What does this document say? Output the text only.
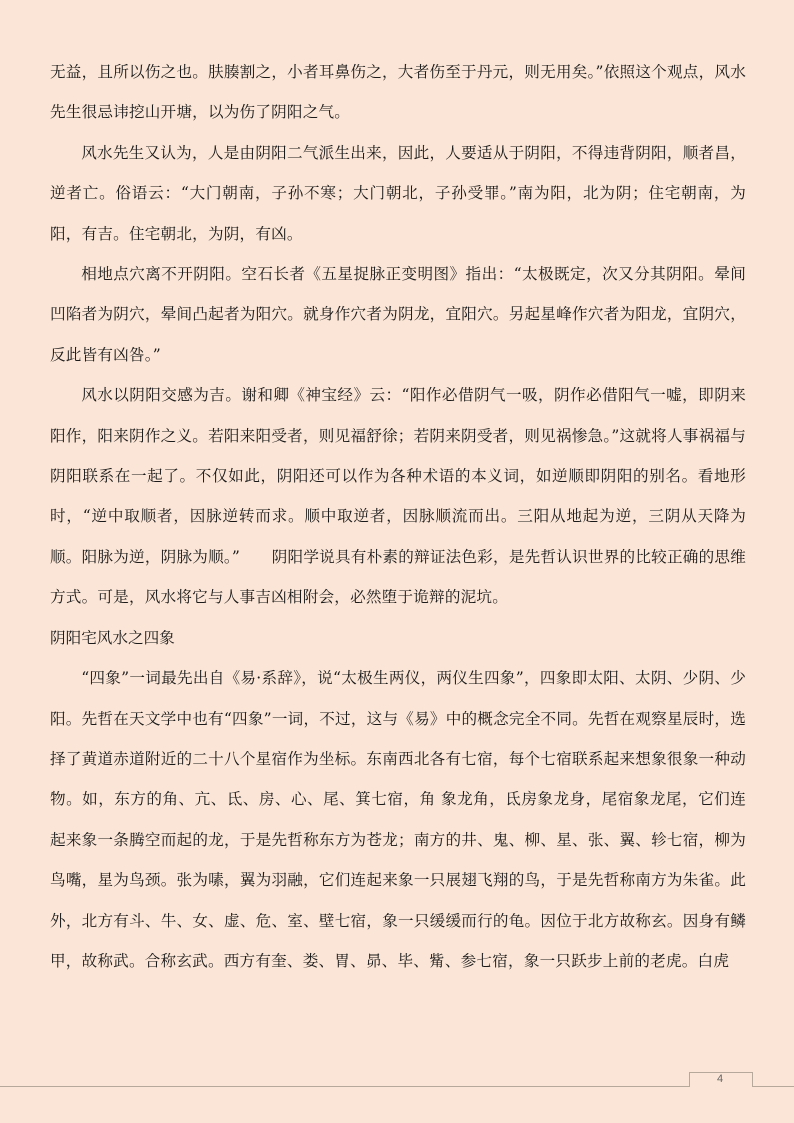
无益，且所以伤之也。肤腠割之，小者耳鼻伤之，大者伤至于丹元，则无用矣。”依照这个观点，风水先生很忌讳挖山开塘，以为伤了阴阳之气。

风水先生又认为，人是由阴阳二气派生出来，因此，人要适从于阴阳，不得违背阴阳，顺者昌，逆者亡。俗语云：“大门朝南，子孙不寒；大门朝北，子孙受罪。”南为阳，北为阴；住宅朝南，为阳，有吉。住宅朝北，为阴，有凶。

相地点穴离不开阴阳。空石长者《五星捉脉正变明图》指出：“太极既定，次又分其阴阳。晕间凹陷者为阴穴，晕间凸起者为阳穴。就身作穴者为阴龙，宜阳穴。另起星峰作穴者为阳龙，宜阴穴，反此皆有凶咎。”

风水以阴阳交感为吉。谢和卿《神宝经》云：“阳作必借阴气一吸，阴作必借阳气一嘘，即阴来阳作，阳来阴作之义。若阳来阳受者，则见福舒徐；若阴来阴受者，则见祸惨急。”这就将人事祸福与阴阳联系在一起了。不仅如此，阴阳还可以作为各种术语的本义词，如逆顺即阴阳的别名。看地形时，“逆中取顺者，因脉逆转而求。顺中取逆者，因脉顺流而出。三阳从地起为逆，三阴从天降为顺。阳脉为逆，阴脉为顺。”　　阴阳学说具有朴素的辩证法色彩，是先哲认识世界的比较正确的思维方式。可是，风水将它与人事吉凶相附会，必然堕于诡辩的泥坑。

阴阳宅风水之四象

“四象”一词最先出自《易·系辞》，说“太极生两仪，两仪生四象”，四象即太阳、太阴、少阴、少阳。先哲在天文学中也有“四象”一词，不过，这与《易》中的概念完全不同。先哲在观察星辰时，选择了黄道赤道附近的二十八个星宿作为坐标。东南西北各有七宿，每个七宿联系起来想象很象一种动物。如，东方的角、亢、氐、房、心、尾、箕七宿，角 象龙角，氐房象龙身，尾宿象龙尾，它们连起来象一条腾空而起的龙，于是先哲称东方为苍龙；南方的井、鬼、柳、星、张、翼、轸七宿，柳为鸟嘴，星为鸟颈。张为嗉，翼为羽融，它们连起来象一只展翅飞翔的鸟，于是先哲称南方为朱雀。此外，北方有斗、牛、女、虚、危、室、壁七宿，象一只缓缓而行的龟。因位于北方故称玄。因身有鳞甲，故称武。合称玄武。西方有奎、娄、胃、昴、毕、觜、参七宿，象一只跃步上前的老虎。白虎

4
